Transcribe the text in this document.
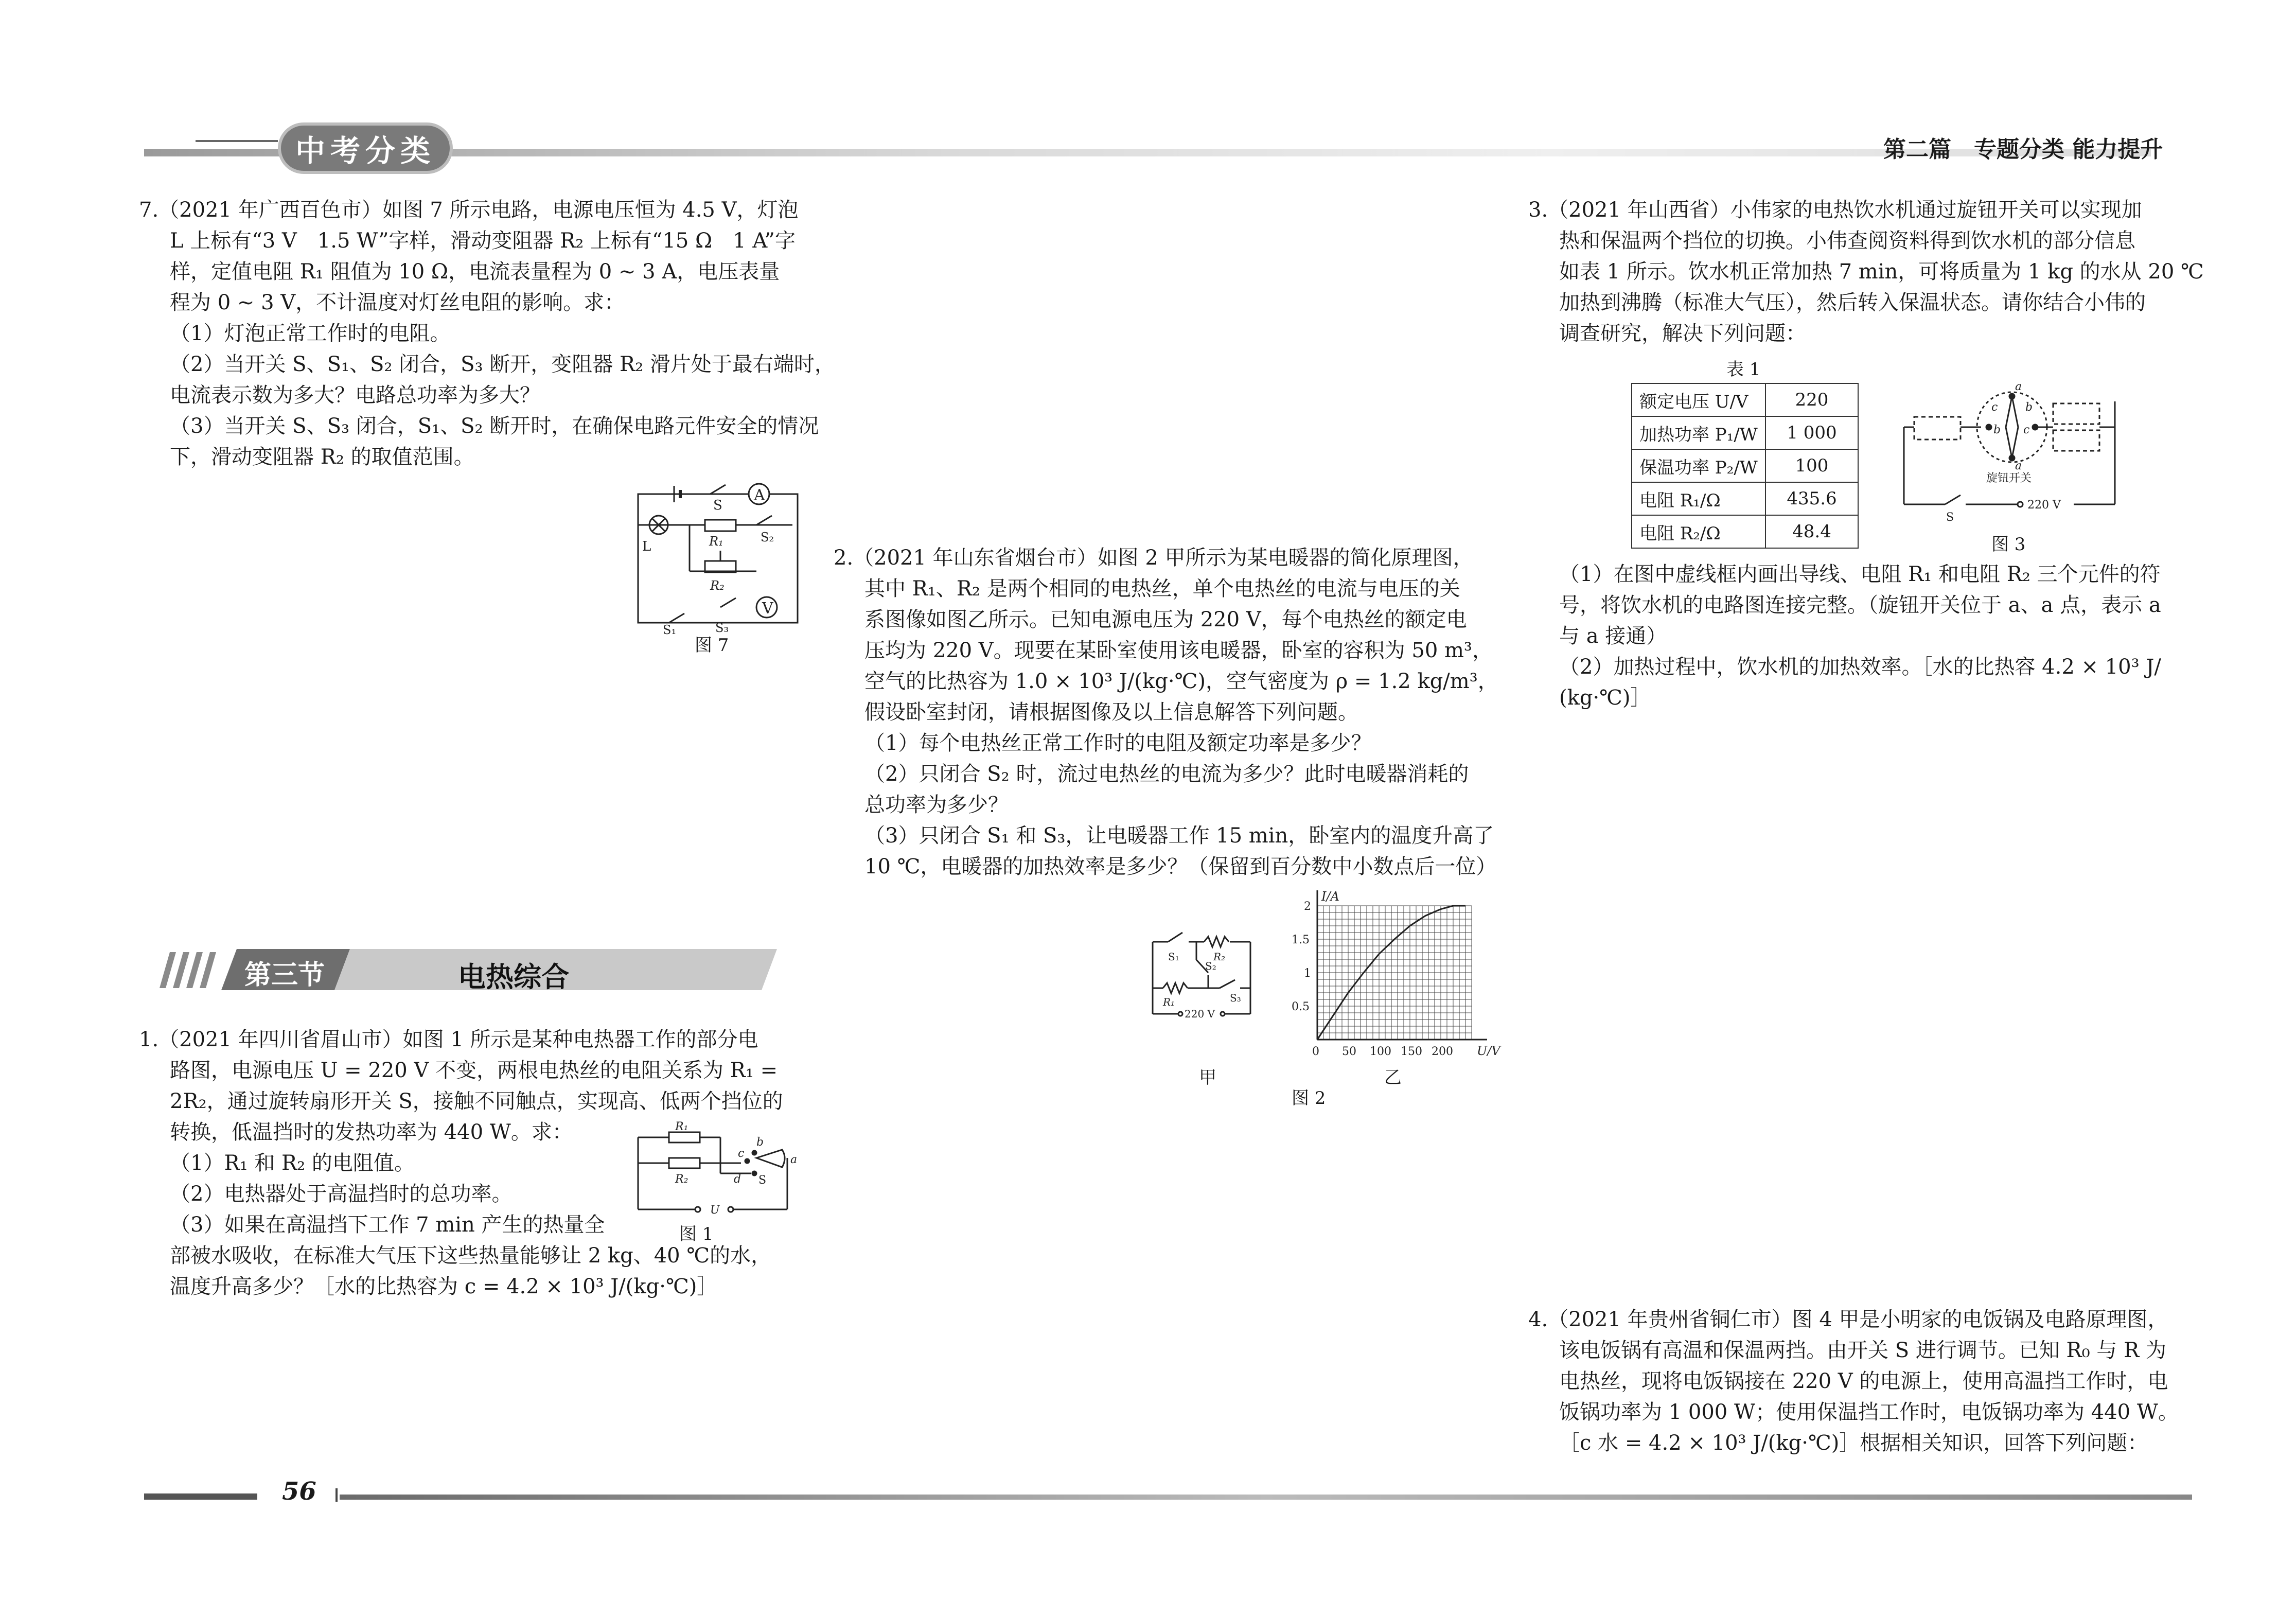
中考分类	第二篇　专题分类 能力提升
7.（2021 年广西百色市）如图 7 所示电路，电源电压恒为 4.5 V，灯泡
L 上标有“3 V　1.5 W”字样，滑动变阻器 R₂ 上标有“15 Ω　1 A”字
样，定值电阻 R₁ 阻值为 10 Ω，电流表量程为 0 ~ 3 A，电压表量
程为 0 ~ 3 V，不计温度对灯丝电阻的影响。求：
（1）灯泡正常工作时的电阻。
（2）当开关 S、S₁、S₂ 闭合，S₃ 断开，变阻器 R₂ 滑片处于最右端时，
电流表示数为多大？电路总功率为多大？
（3）当开关 S、S₃ 闭合，S₁、S₂ 断开时，在确保电路元件安全的情况
下，滑动变阻器 R₂ 的取值范围。
A
S
L	R₁	S₂
R₂
S₁	S₃
V
图 7
第三节	电热综合
1.（2021 年四川省眉山市）如图 1 所示是某种电热器工作的部分电
路图，电源电压 U = 220 V 不变，两根电热丝的电阻关系为 R₁ =
2R₂，通过旋转扇形开关 S，接触不同触点，实现高、低两个挡位的
转换，低温挡时的发热功率为 440 W。求：
（1）R₁ 和 R₂ 的电阻值。
（2）电热器处于高温挡时的总功率。
（3）如果在高温挡下工作 7 min 产生的热量全
部被水吸收，在标准大气压下这些热量能够让 2 kg、40 ℃的水，
温度升高多少？［水的比热容为 c = 4.2 × 10³ J/(kg·℃)］
R₁
R₂
b
c
d
a
S
U
图 1
2.（2021 年山东省烟台市）如图 2 甲所示为某电暖器的简化原理图，
其中 R₁、R₂ 是两个相同的电热丝，单个电热丝的电流与电压的关
系图像如图乙所示。已知电源电压为 220 V，每个电热丝的额定电
压均为 220 V。现要在某卧室使用该电暖器，卧室的容积为 50 m³，
空气的比热容为 1.0 × 10³ J/(kg·℃)，空气密度为 ρ = 1.2 kg/m³，
假设卧室封闭，请根据图像及以上信息解答下列问题。
（1）每个电热丝正常工作时的电阻及额定功率是多少？
（2）只闭合 S₂ 时，流过电热丝的电流为多少？此时电暖器消耗的
总功率为多少？
（3）只闭合 S₁ 和 S₃，让电暖器工作 15 min，卧室内的温度升高了
10 ℃，电暖器的加热效率是多少？（保留到百分数中小数点后一位）
S₁	R₂
S₂
R₁	S₃
220 V
甲
50 100 150 200
0
0.5
1
1.5
2
U/V
I/A
乙
图 2
3.（2021 年山西省）小伟家的电热饮水机通过旋钮开关可以实现加
热和保温两个挡位的切换。小伟查阅资料得到饮水机的部分信息
如表 1 所示。饮水机正常加热 7 min，可将质量为 1 kg 的水从 20 ℃
加热到沸腾（标准大气压），然后转入保温状态。请你结合小伟的
调查研究，解决下列问题：
表 1
额定电压 U/V	220
加热功率 P₁/W	1 000
保温功率 P₂/W	100
电阻 R₁/Ω	435.6
电阻 R₂/Ω	48.4
a
a
c b
b c
旋钮开关
220 V
S
图 3
（1）在图中虚线框内画出导线、电阻 R₁ 和电阻 R₂ 三个元件的符
号，将饮水机的电路图连接完整。（旋钮开关位于 a、a 点，表示 a
与 a 接通）
（2）加热过程中，饮水机的加热效率。［水的比热容 4.2 × 10³ J/
(kg·℃)］
4.（2021 年贵州省铜仁市）图 4 甲是小明家的电饭锅及电路原理图，
该电饭锅有高温和保温两挡。由开关 S 进行调节。已知 R₀ 与 R 为
电热丝，现将电饭锅接在 220 V 的电源上，使用高温挡工作时，电
饭锅功率为 1 000 W；使用保温挡工作时，电饭锅功率为 440 W。
［c 水 = 4.2 × 10³ J/(kg·℃)］根据相关知识，回答下列问题：
56
